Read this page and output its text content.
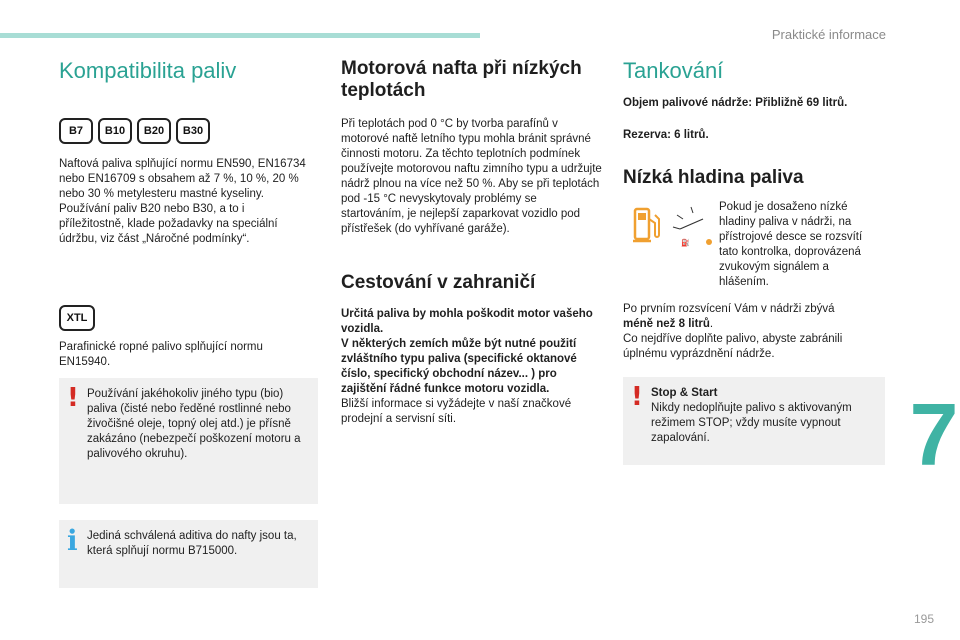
Praktické informace
7
195
Kompatibilita paliv
B7	B10	B20	B30

Naftová paliva splňující normu EN590, EN16734 nebo EN16709 s obsahem až 7 %, 10 %, 20 % nebo 30 % metylesteru mastné kyseliny. Používání paliv B20 nebo B30, a to i příležitostně, klade požadavky na speciální údržbu, viz část „Náročné podmínky“.

XTL

Parafinické ropné palivo splňující normu EN15940.

! Používání jakéhokoliv jiného typu (bio) paliva (čisté nebo ředěné rostlinné nebo živočišné oleje, topný olej atd.) je přísně zakázáno (nebezpečí poškození motoru a palivového okruhu).

i Jediná schválená aditiva do nafty jsou ta, která splňují normu B715000.

Motorová nafta při nízkých teplotách

Při teplotách pod 0 °C by tvorba parafínů v motorové naftě letního typu mohla bránit správné činnosti motoru. Za těchto teplotních podmínek používejte motorovou naftu zimního typu a udržujte nádrž plnou na více než 50 %. Aby se při teplotách pod -15 °C nevyskytovaly problémy se startováním, je nejlepší zaparkovat vozidlo pod přístřešek (do vyhřívané garáže).

Cestování v zahraničí

Určitá paliva by mohla poškodit motor vašeho vozidla.

V některých zemích může být nutné použití zvláštního typu paliva (specifické oktanové číslo, specifický obchodní název... ) pro zajištění řádné funkce motoru vozidla.

Bližší informace si vyžádejte v naší značkové prodejní a servisní síti.

Tankování

Objem palivové nádrže: Přibližně 69 litrů.

Rezerva: 6 litrů.

Nízká hladina paliva
⛽

Pokud je dosaženo nízké hladiny paliva v nádrži, na přístrojové desce se rozsvítí tato kontrolka, doprovázená zvukovým signálem a hlášením.

Po prvním rozsvícení Vám v nádrži zbývá
méně než 8 litrů.
Co nejdříve doplňte palivo, abyste zabránili úplnému vyprázdnění nádrže.

! Stop & Start

Nikdy nedoplňujte palivo s aktivovaným režimem STOP; vždy musíte vypnout zapalování.
